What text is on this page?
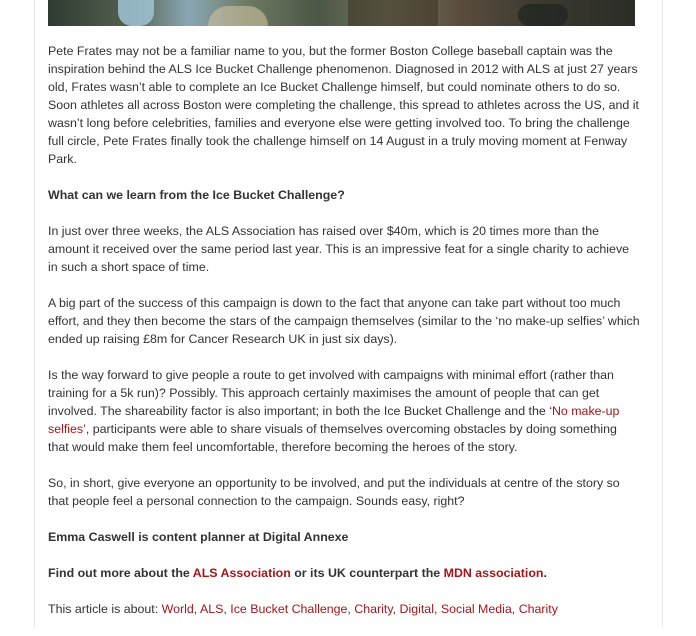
Pete Frates may not be a familiar name to you, but the former Boston College baseball captain was the inspiration behind the ALS Ice Bucket Challenge phenomenon. Diagnosed in 2012 with ALS at just 27 years old, Frates wasn’t able to complete an Ice Bucket Challenge himself, but could nominate others to do so. Soon athletes all across Boston were completing the challenge, this spread to athletes across the US, and it wasn’t long before celebrities, families and everyone else were getting involved too. To bring the challenge full circle, Pete Frates finally took the challenge himself on 14 August in a truly moving moment at Fenway Park.

What can we learn from the Ice Bucket Challenge?

In just over three weeks, the ALS Association has raised over $40m, which is 20 times more than the amount it received over the same period last year. This is an impressive feat for a single charity to achieve in such a short space of time.

A big part of the success of this campaign is down to the fact that anyone can take part without too much effort, and they then become the stars of the campaign themselves (similar to the ‘no make-up selfies’ which ended up raising £8m for Cancer Research UK in just six days).

Is the way forward to give people a route to get involved with campaigns with minimal effort (rather than training for a 5k run)? Possibly. This approach certainly maximises the amount of people that can get involved. The shareability factor is also important; in both the Ice Bucket Challenge and the ‘No make-up selfies’, participants were able to share visuals of themselves overcoming obstacles by doing something that would make them feel uncomfortable, therefore becoming the heroes of the story.

So, in short, give everyone an opportunity to be involved, and put the individuals at centre of the story so that people feel a personal connection to the campaign. Sounds easy, right?

Emma Caswell is content planner at Digital Annexe

Find out more about the ALS Association or its UK counterpart the MDN association.

This article is about: World, ALS, Ice Bucket Challenge, Charity, Digital, Social Media, Charity
